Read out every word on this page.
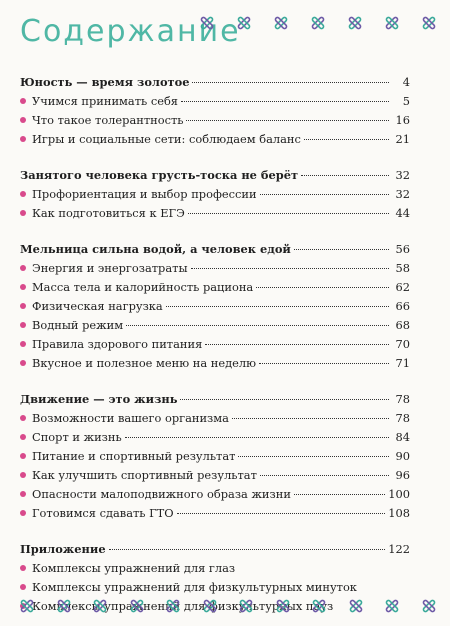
Содержание
Юность — время золотое	4
Учимся принимать себя	5
Что такое толерантность	16
Игры и социальные сети: соблюдаем баланс	21
Занятого человека грусть-тоска не берёт	32
Профориентация и выбор профессии	32
Как подготовиться к ЕГЭ	44
Мельница сильна водой, а человек едой	56
Энергия и энергозатраты	58
Масса тела и калорийность рациона	62
Физическая нагрузка	66
Водный режим	68
Правила здорового питания	70
Вкусное и полезное меню на неделю	71
Движение — это жизнь	78
Возможности вашего организма	78
Спорт и жизнь	84
Питание и спортивный результат	90
Как улучшить спортивный результат	96
Опасности малоподвижного образа жизни	100
Готовимся сдавать ГТО	108
Приложение	122
Комплексы упражнений для глаз
Комплексы упражнений для физкультурных минуток
Комплексы упражнений для физкультурных пауз
